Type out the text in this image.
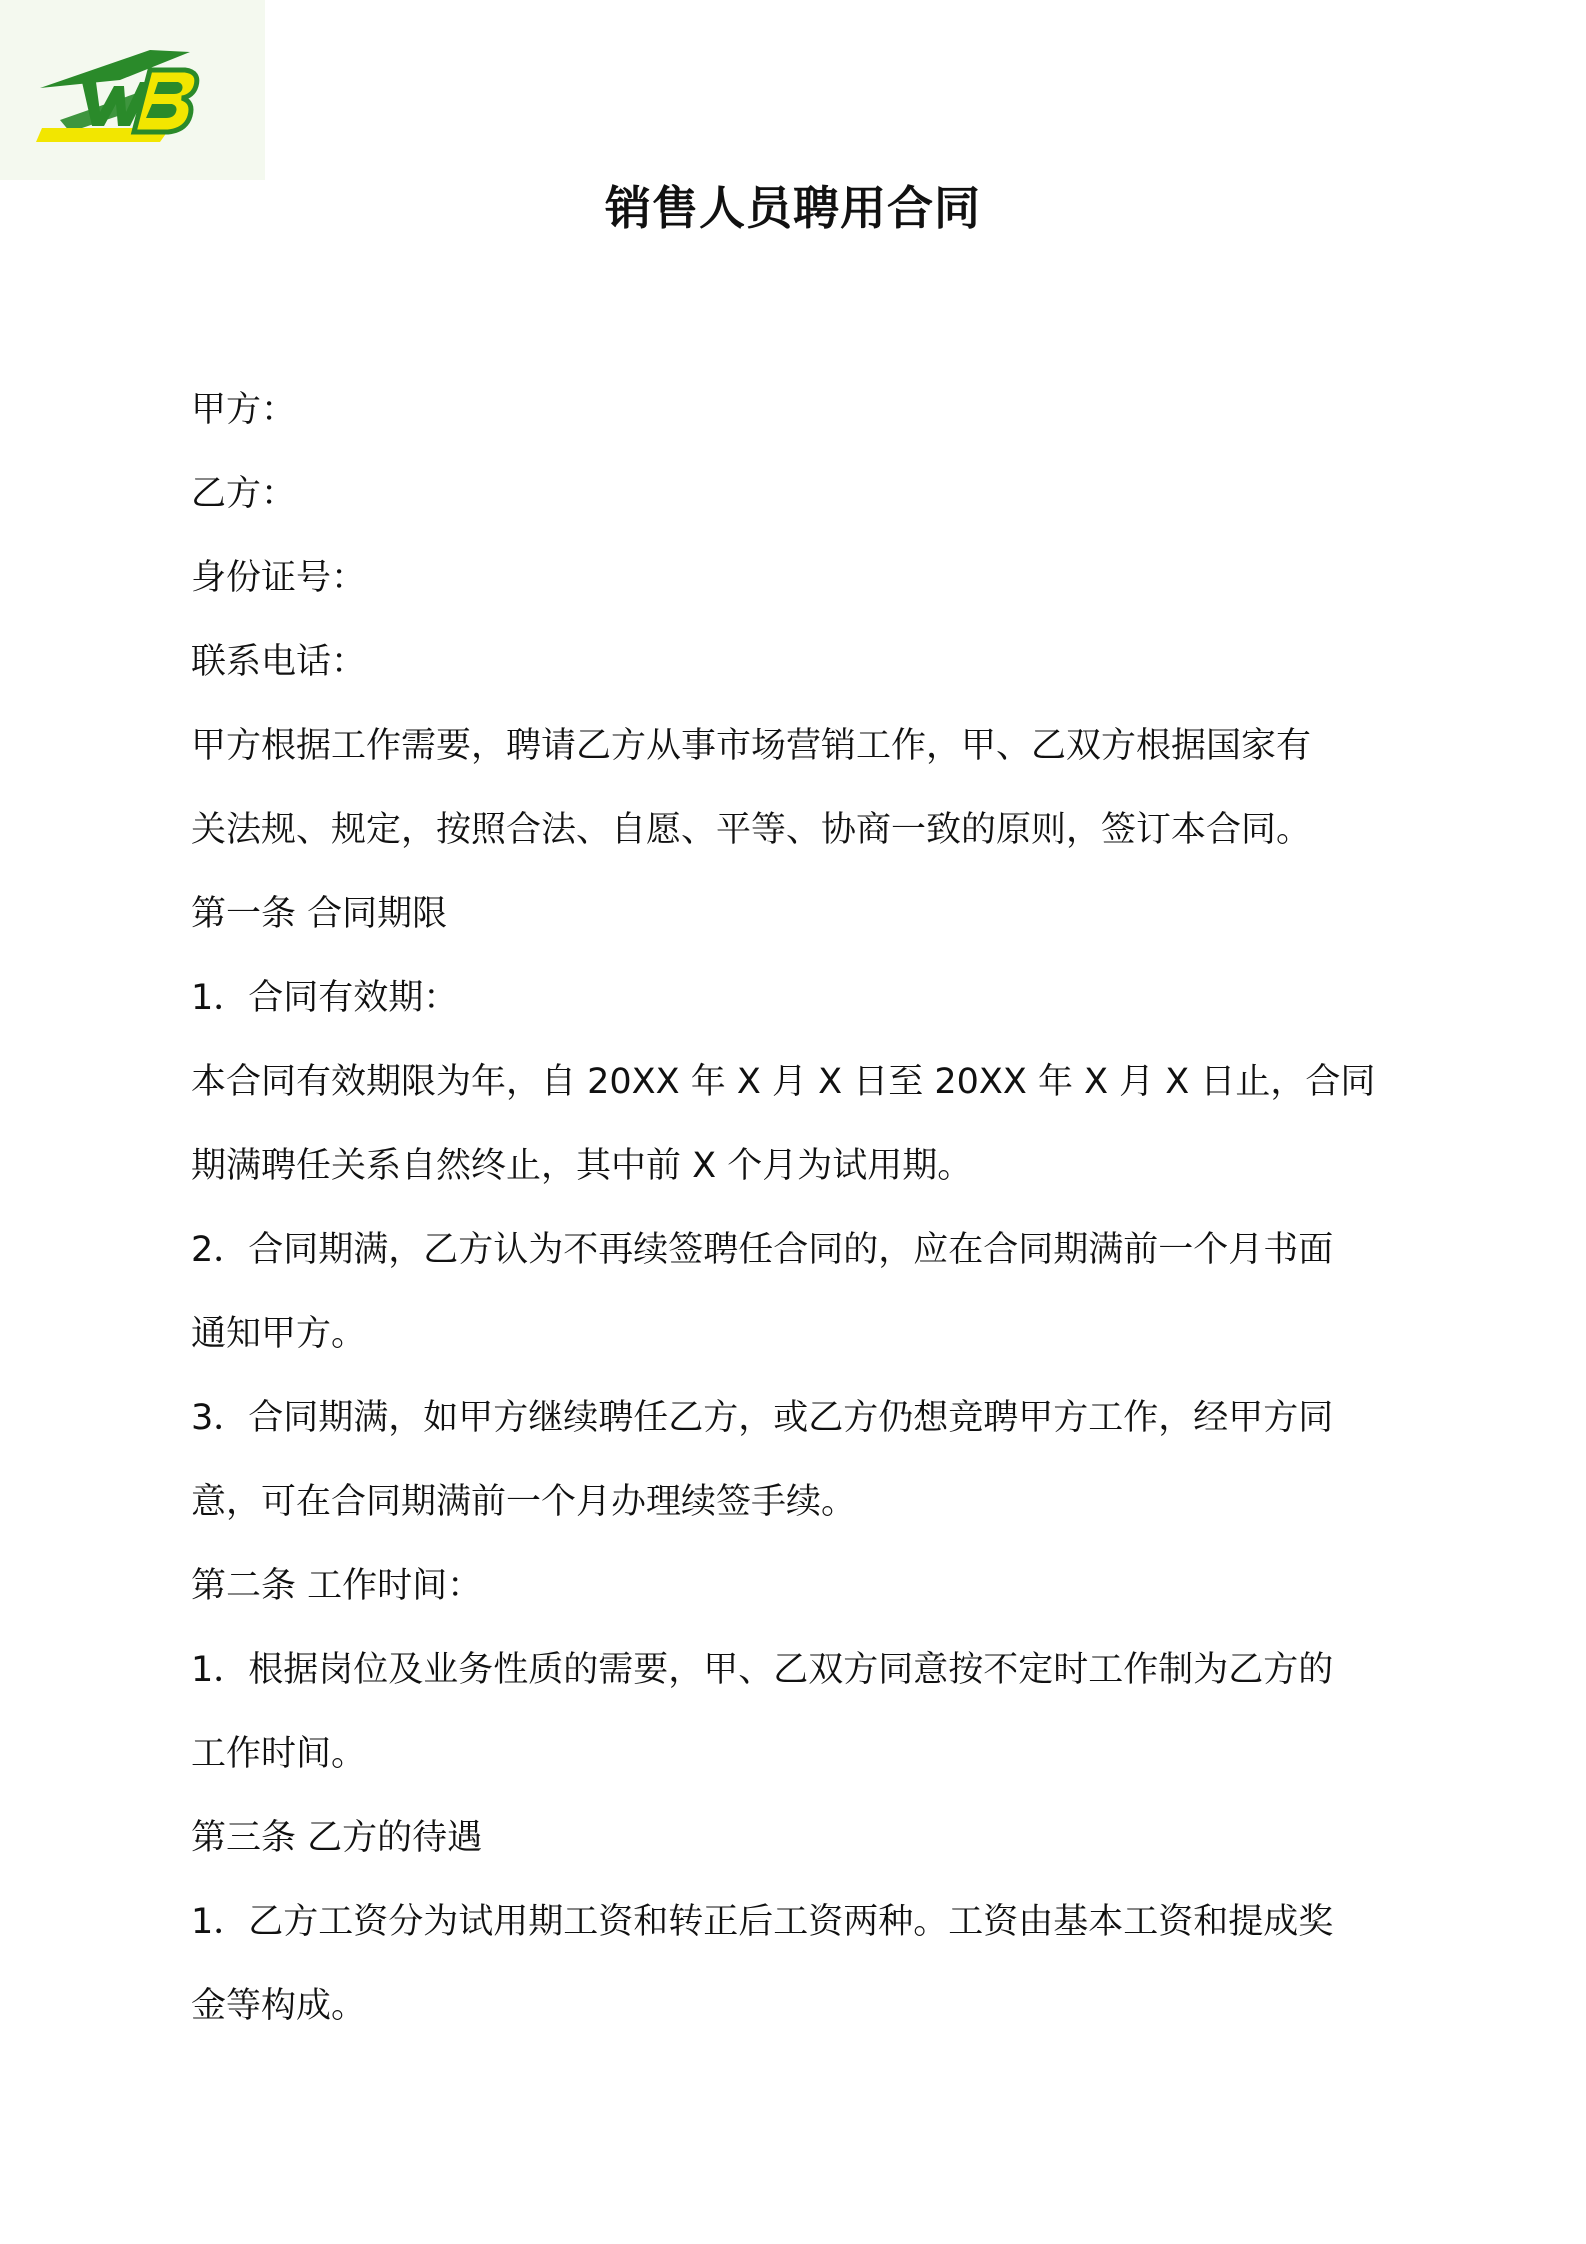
销售人员聘用合同

甲方：

乙方：

身份证号：

联系电话：

甲方根据工作需要，聘请乙方从事市场营销工作，甲、乙双方根据国家有

关法规、规定，按照合法、自愿、平等、协商一致的原则，签订本合同。

第一条 合同期限

1．合同有效期：

本合同有效期限为年，自 20XX 年 X 月 X 日至 20XX 年 X 月 X 日止，合同

期满聘任关系自然终止，其中前 X 个月为试用期。

2．合同期满，乙方认为不再续签聘任合同的，应在合同期满前一个月书面

通知甲方。

3．合同期满，如甲方继续聘任乙方，或乙方仍想竞聘甲方工作，经甲方同

意，可在合同期满前一个月办理续签手续。

第二条 工作时间：

1．根据岗位及业务性质的需要，甲、乙双方同意按不定时工作制为乙方的

工作时间。

第三条 乙方的待遇

1．乙方工资分为试用期工资和转正后工资两种。工资由基本工资和提成奖

金等构成。
